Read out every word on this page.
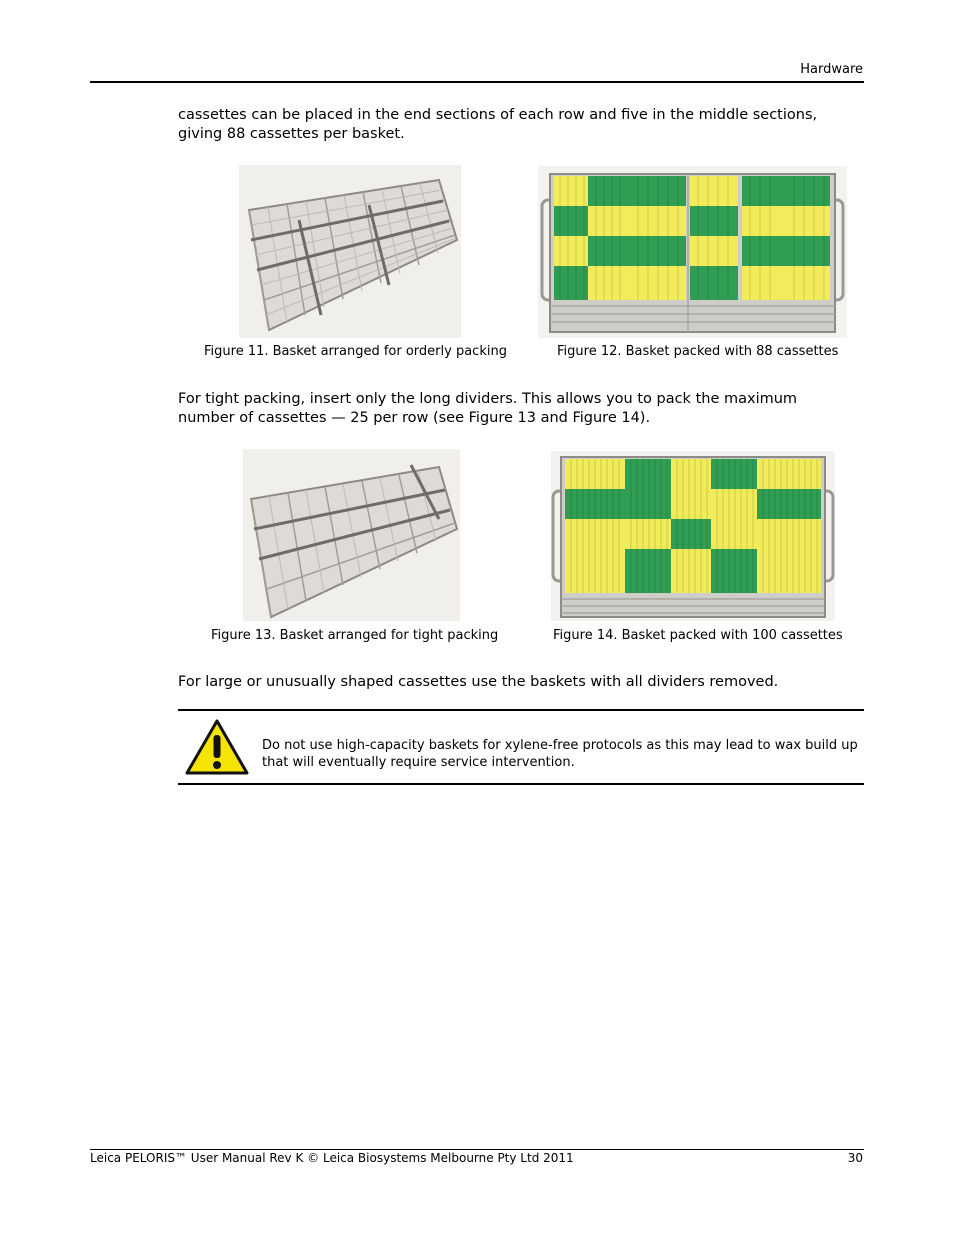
Hardware
cassettes can be placed in the end sections of each row and five in the middle sections, giving 88 cassettes per basket.
Figure 11. Basket arranged for orderly packing	Figure 12. Basket packed with 88 cassettes
For tight packing, insert only the long dividers. This allows you to pack the maximum number of cassettes — 25 per row (see Figure 13 and Figure 14).
Figure 13. Basket arranged for tight packing	Figure 14. Basket packed with 100 cassettes
For large or unusually shaped cassettes use the baskets with all dividers removed.
Do not use high-capacity baskets for xylene-free protocols as this may lead to wax build up that will eventually require service intervention.
Leica PELORIS™ User Manual Rev K © Leica Biosystems Melbourne Pty Ltd 2011	30
